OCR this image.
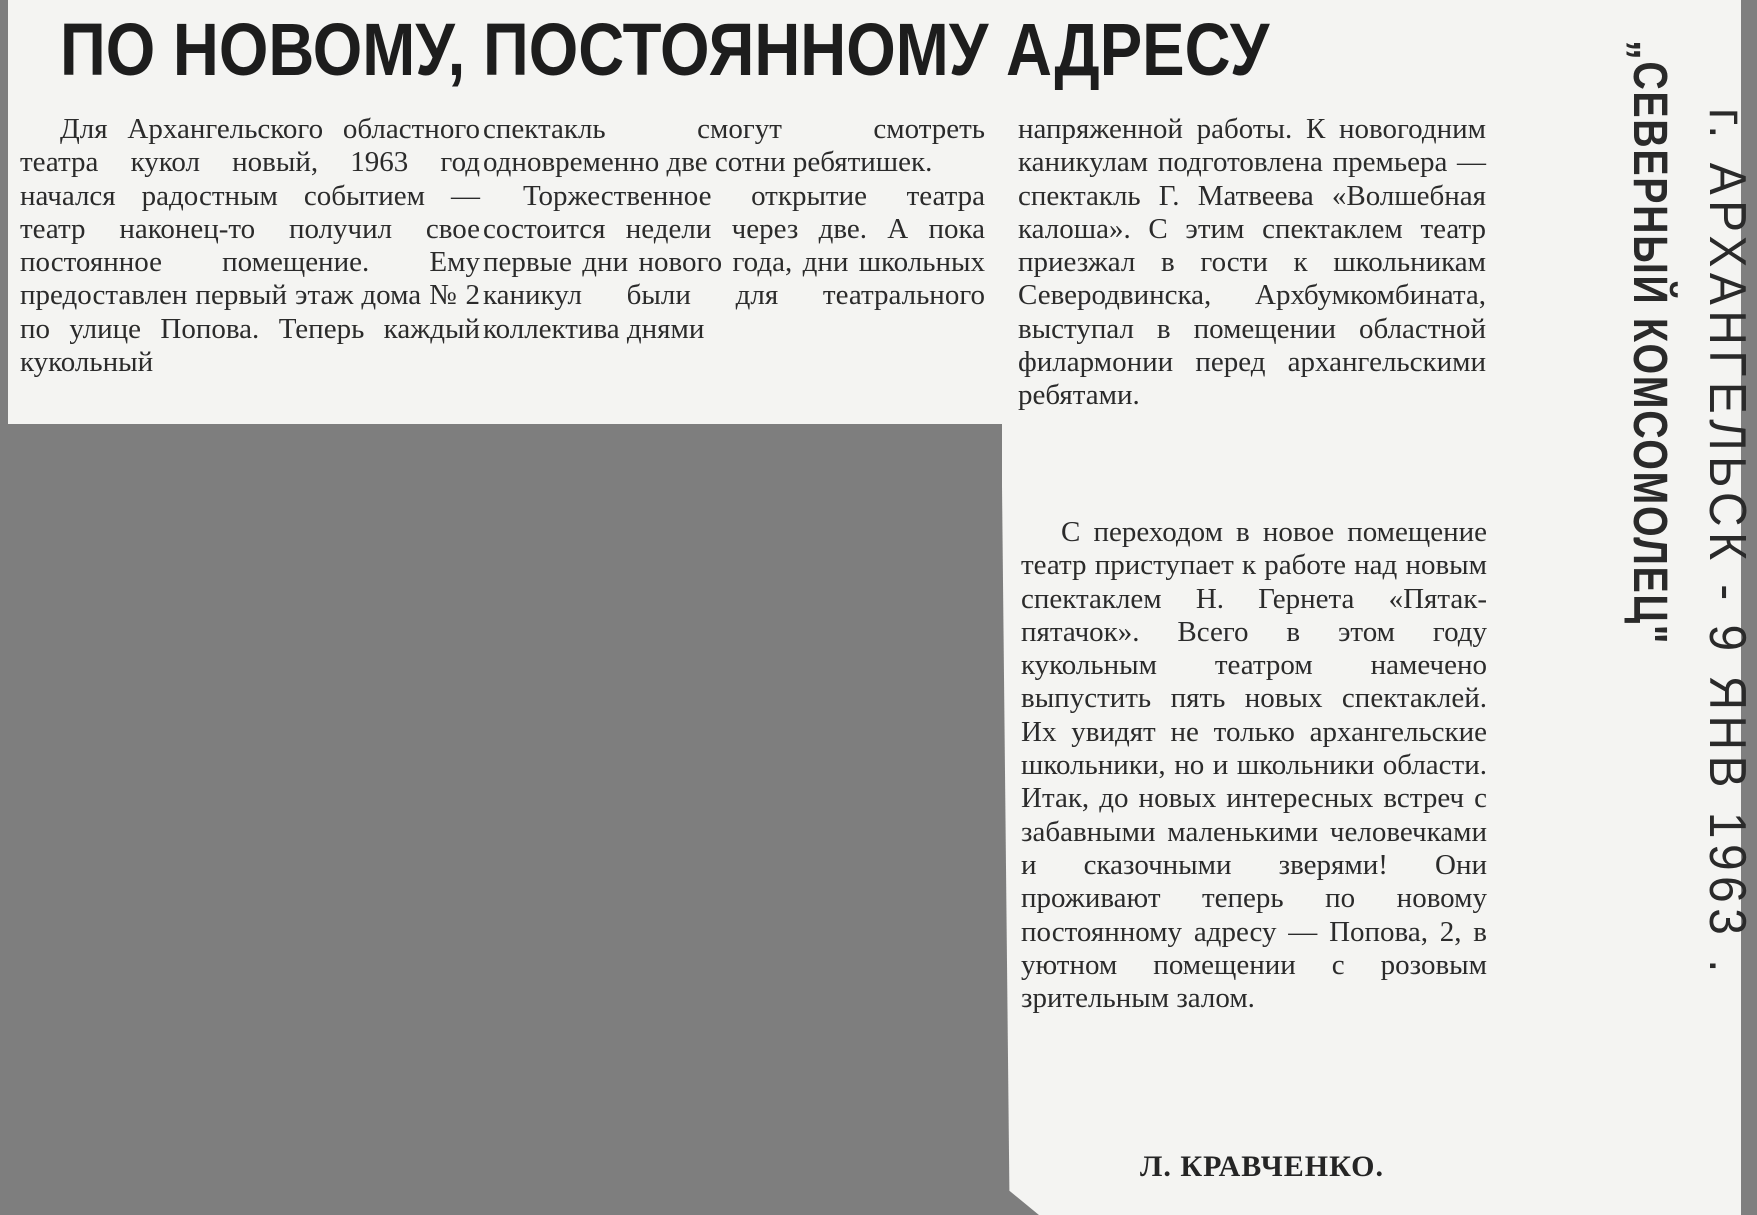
ПО НОВОМУ, ПОСТОЯННОМУ АДРЕСУ

Для Архангельского областного театра кукол новый, 1963 год начался радостным событием — театр наконец-то получил свое постоянное помещение. Ему предоставлен первый этаж дома № 2 по улице Попова. Теперь каждый кукольный

спектакль смогут смотреть одновременно две сотни ребятишек.

Торжественное открытие театра состоится недели через две. А пока первые дни нового года, дни школьных каникул были для театрального коллектива днями

напряженной работы. К новогодним каникулам подготовлена премьера — спектакль Г. Матвеева «Волшебная калоша». С этим спектаклем театр приезжал в гости к школьникам Северодвинска, Архбумкомбината, выступал в помещении областной филармонии перед архангельскими ребятами.

С переходом в новое помещение театр приступает к работе над новым спектаклем Н. Гернета «Пятак-пятачок». Всего в этом году кукольным театром намечено выпустить пять новых спектаклей. Их увидят не только архангельские школьники, но и школьники области. Итак, до новых интересных встреч с забавными маленькими человечками и сказочными зверями! Они проживают теперь по новому постоянному адресу — Попова, 2, в уютном помещении с розовым зрительным залом.

Л. КРАВЧЕНКО.

„СЕВЕРНЫЙ КОМСОМОЛЕЦ" г. АРХАНГЕЛЬСК - 9 ЯНВ 1963 .
